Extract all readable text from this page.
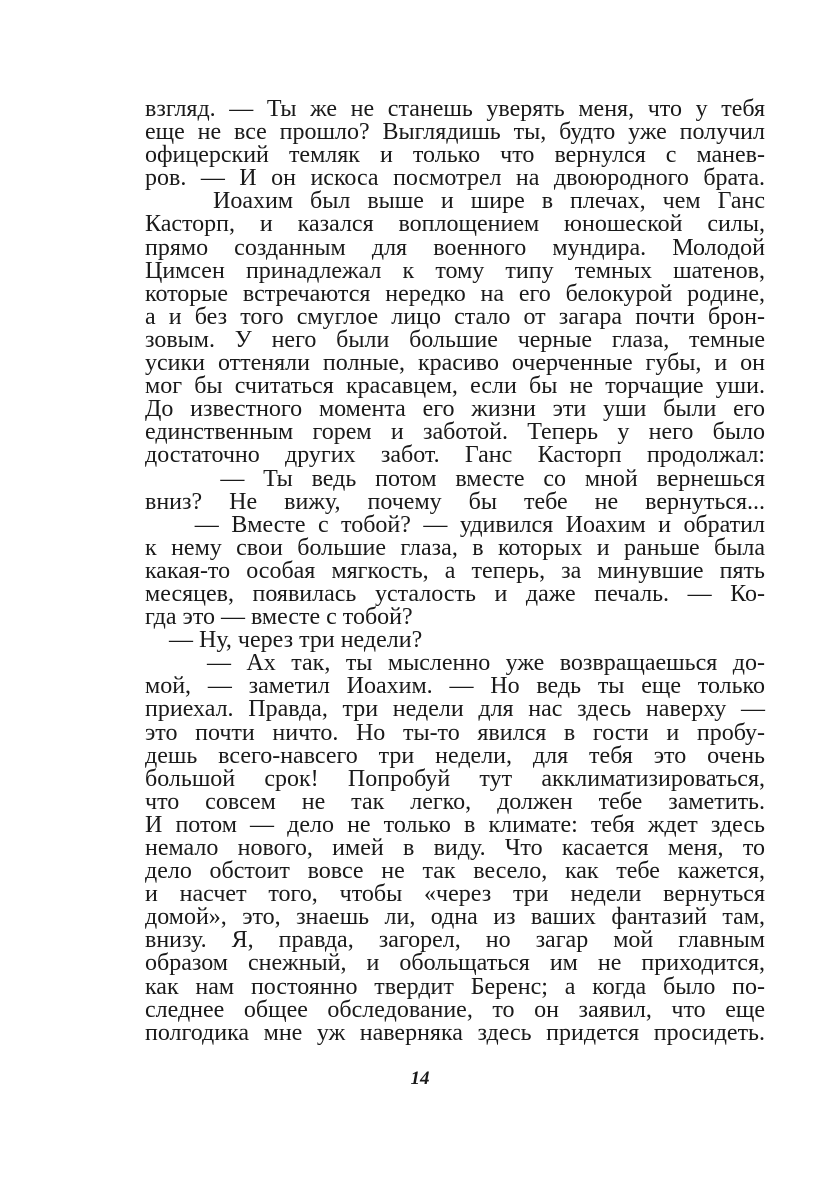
взгляд. — Ты же не станешь уверять меня, что у тебя
еще не все прошло? Выглядишь ты, будто уже получил
офицерский темляк и только что вернулся с манев-
ров. — И он искоса посмотрел на двоюродного брата.
Иоахим был выше и шире в плечах, чем Ганс
Касторп, и казался воплощением юношеской силы,
прямо созданным для военного мундира. Молодой
Цимсен принадлежал к тому типу темных шатенов,
которые встречаются нередко на его белокурой родине,
а и без того смуглое лицо стало от загара почти брон-
зовым. У него были большие черные глаза, темные
усики оттеняли полные, красиво очерченные губы, и он
мог бы считаться красавцем, если бы не торчащие уши.
До известного момента его жизни эти уши были его
единственным горем и заботой. Теперь у него было
достаточно других забот. Ганс Касторп продолжал:
— Ты ведь потом вместе со мной вернешься
вниз? Не вижу, почему бы тебе не вернуться...
— Вместе с тобой? — удивился Иоахим и обратил
к нему свои большие глаза, в которых и раньше была
какая-то особая мягкость, а теперь, за минувшие пять
месяцев, появилась усталость и даже печаль. — Ко-
гда это — вместе с тобой?
— Ну, через три недели?
— Ах так, ты мысленно уже возвращаешься до-
мой, — заметил Иоахим. — Но ведь ты еще только
приехал. Правда, три недели для нас здесь наверху —
это почти ничто. Но ты-то явился в гости и пробу-
дешь всего-навсего три недели, для тебя это очень
большой срок! Попробуй тут акклиматизироваться,
что совсем не так легко, должен тебе заметить.
И потом — дело не только в климате: тебя ждет здесь
немало нового, имей в виду. Что касается меня, то
дело обстоит вовсе не так весело, как тебе кажется,
и насчет того, чтобы «через три недели вернуться
домой», это, знаешь ли, одна из ваших фантазий там,
внизу. Я, правда, загорел, но загар мой главным
образом снежный, и обольщаться им не приходится,
как нам постоянно твердит Беренс; а когда было по-
следнее общее обследование, то он заявил, что еще
полгодика мне уж наверняка здесь придется просидеть.
14
